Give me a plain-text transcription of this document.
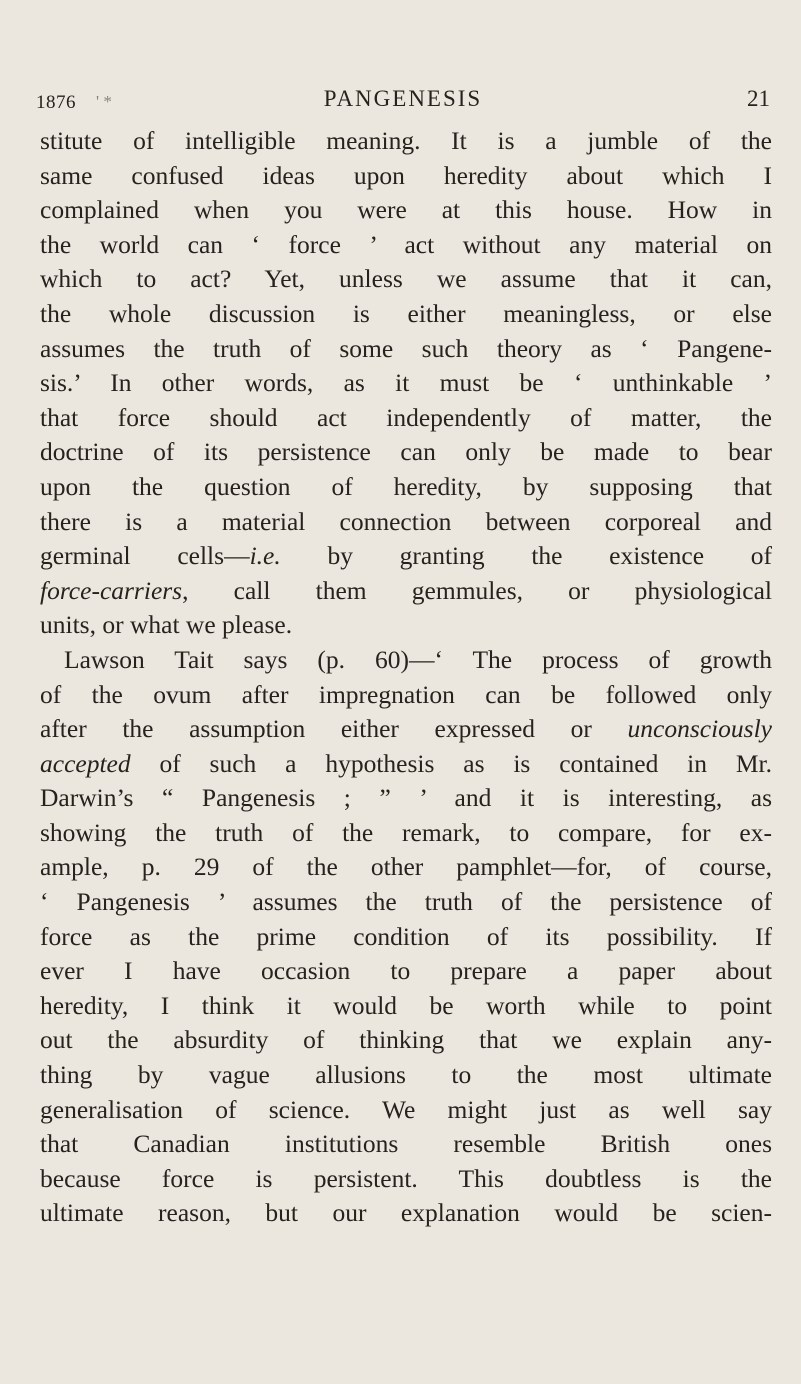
1876 ' *	PANGENESIS	21
stitute of intelligible meaning. It is a jumble of the
same confused ideas upon heredity about which I
complained when you were at this house. How in
the world can ‘ force ’ act without any material on
which to act? Yet, unless we assume that it can,
the whole discussion is either meaningless, or else
assumes the truth of some such theory as ‘ Pangene-
sis.’ In other words, as it must be ‘ unthinkable ’
that force should act independently of matter, the
doctrine of its persistence can only be made to bear
upon the question of heredity, by supposing that
there is a material connection between corporeal and
germinal cells—i.e. by granting the existence of
force-carriers, call them gemmules, or physiological
units, or what we please.
Lawson Tait says (p. 60)—‘ The process of growth
of the ovum after impregnation can be followed only
after the assumption either expressed or unconsciously
accepted of such a hypothesis as is contained in Mr.
Darwin’s “ Pangenesis ; ” ’ and it is interesting, as
showing the truth of the remark, to compare, for ex-
ample, p. 29 of the other pamphlet—for, of course,
‘ Pangenesis ’ assumes the truth of the persistence of
force as the prime condition of its possibility. If
ever I have occasion to prepare a paper about
heredity, I think it would be worth while to point
out the absurdity of thinking that we explain any-
thing by vague allusions to the most ultimate
generalisation of science. We might just as well say
that Canadian institutions resemble British ones
because force is persistent. This doubtless is the
ultimate reason, but our explanation would be scien-
